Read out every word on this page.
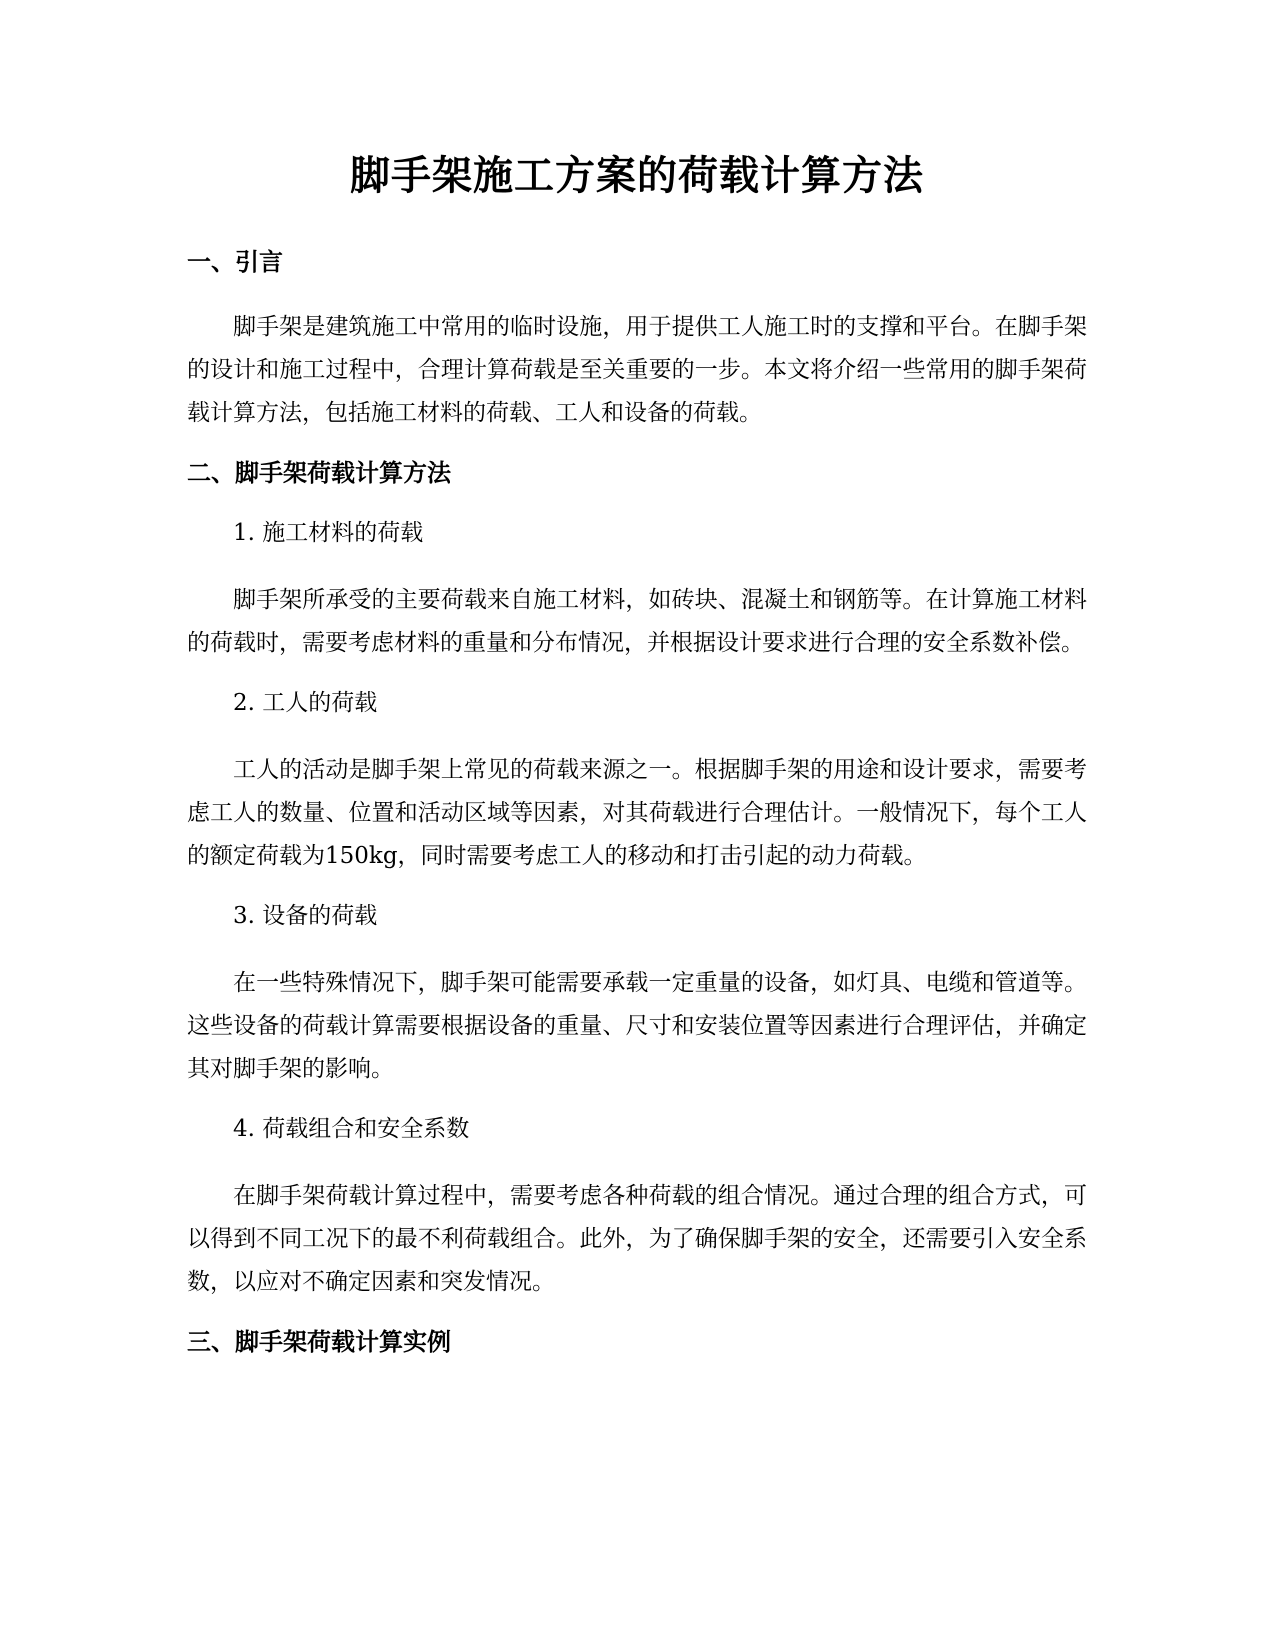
脚手架施工方案的荷载计算方法
一、引言

脚手架是建筑施工中常用的临时设施，用于提供工人施工时的支撑和平台。在脚手架的设计和施工过程中，合理计算荷载是至关重要的一步。本文将介绍一些常用的脚手架荷载计算方法，包括施工材料的荷载、工人和设备的荷载。

二、脚手架荷载计算方法

1. 施工材料的荷载

脚手架所承受的主要荷载来自施工材料，如砖块、混凝土和钢筋等。在计算施工材料的荷载时，需要考虑材料的重量和分布情况，并根据设计要求进行合理的安全系数补偿。

2. 工人的荷载

工人的活动是脚手架上常见的荷载来源之一。根据脚手架的用途和设计要求，需要考虑工人的数量、位置和活动区域等因素，对其荷载进行合理估计。一般情况下，每个工人的额定荷载为150kg，同时需要考虑工人的移动和打击引起的动力荷载。

3. 设备的荷载

在一些特殊情况下，脚手架可能需要承载一定重量的设备，如灯具、电缆和管道等。这些设备的荷载计算需要根据设备的重量、尺寸和安装位置等因素进行合理评估，并确定其对脚手架的影响。

4. 荷载组合和安全系数

在脚手架荷载计算过程中，需要考虑各种荷载的组合情况。通过合理的组合方式，可以得到不同工况下的最不利荷载组合。此外，为了确保脚手架的安全，还需要引入安全系数，以应对不确定因素和突发情况。

三、脚手架荷载计算实例
